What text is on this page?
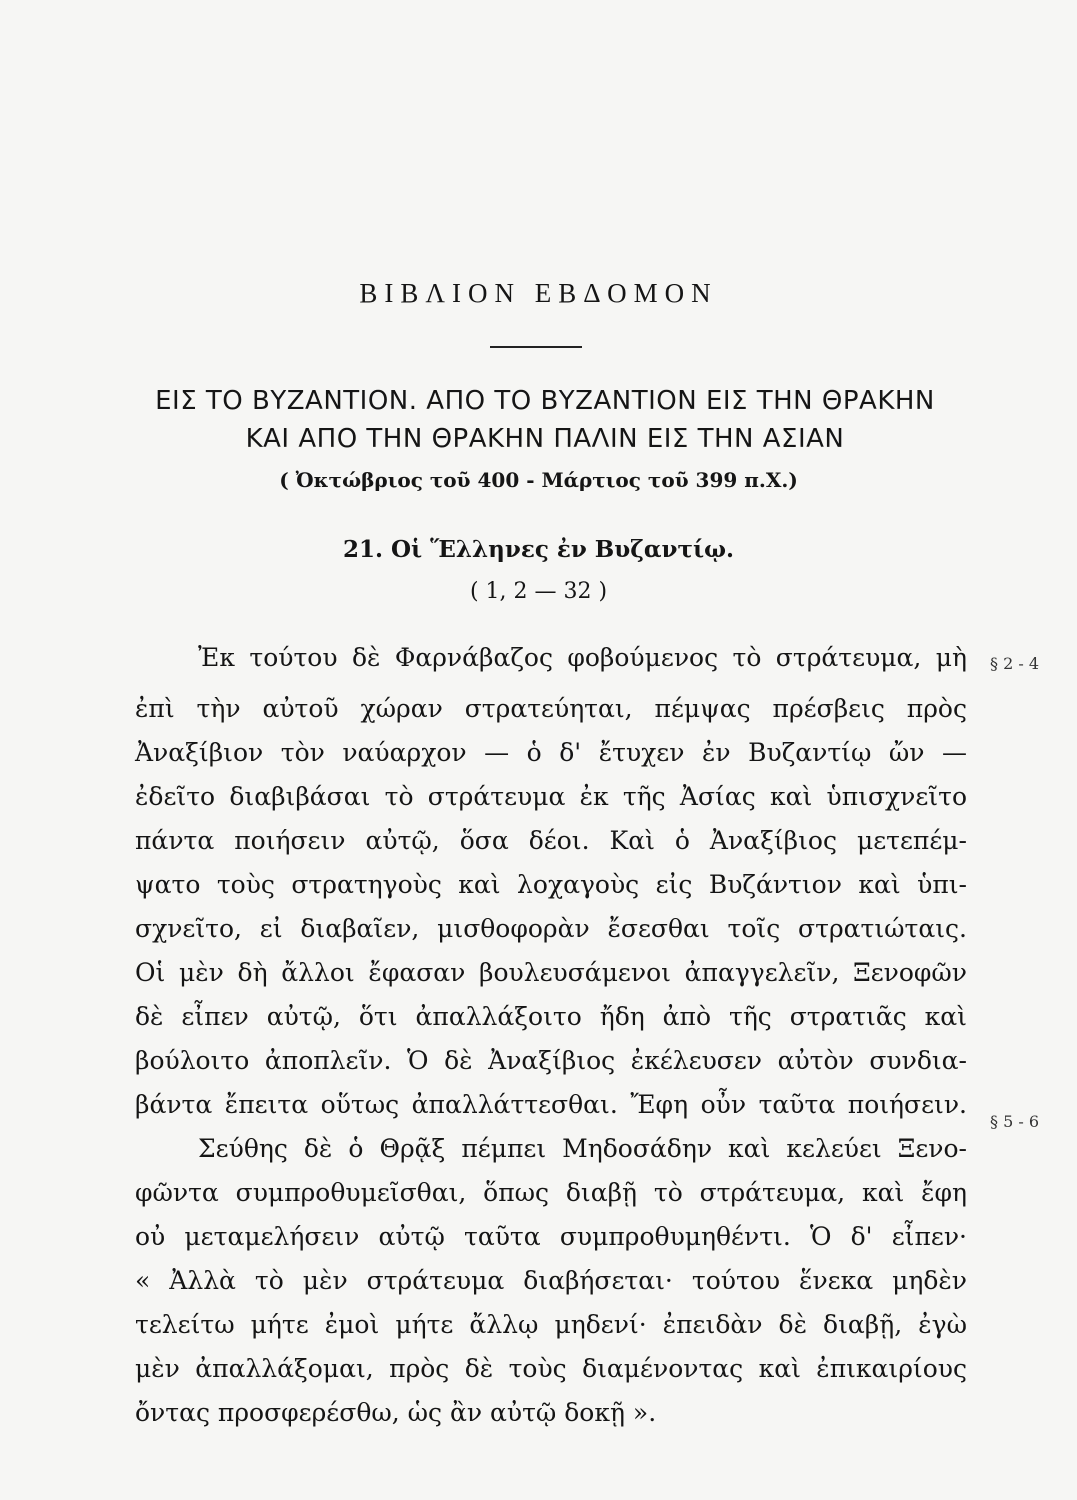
ΒΙΒΛΙΟΝ ΕΒΔΟΜΟΝ
ΕΙΣ ΤΟ ΒΥΖΑΝΤΙΟΝ. ΑΠΟ ΤΟ ΒΥΖΑΝΤΙΟΝ ΕΙΣ ΤΗΝ ΘΡΑΚΗΝ
ΚΑΙ ΑΠΟ ΤΗΝ ΘΡΑΚΗΝ ΠΑΛΙΝ ΕΙΣ ΤΗΝ ΑΣΙΑΝ
( Ὀκτώβριος τοῦ 400 - Μάρτιος τοῦ 399 π.Χ.)
21. Οἱ Ἕλληνες ἐν Βυζαντίῳ.
( 1, 2 — 32 )
§ 2 - 4
§ 5 - 6
Ἐκ τούτου δὲ Φαρνάβαζος φοβούμενος τὸ στράτευμα, μὴ
ἐπὶ τὴν αὐτοῦ χώραν στρατεύηται, πέμψας πρέσβεις πρὸς
Ἀναξίβιον τὸν ναύαρχον — ὁ δ' ἔτυχεν ἐν Βυζαντίῳ ὤν —
ἐδεῖτο διαβιβάσαι τὸ στράτευμα ἐκ τῆς Ἀσίας καὶ ὑπισχνεῖτο
πάντα ποιήσειν αὐτῷ, ὅσα δέοι. Καὶ ὁ Ἀναξίβιος μετεπέμ-
ψατο τοὺς στρατηγοὺς καὶ λοχαγοὺς εἰς Βυζάντιον καὶ ὑπι-
σχνεῖτο, εἰ διαβαῖεν, μισθοφορὰν ἔσεσθαι τοῖς στρατιώταις.
Οἱ μὲν δὴ ἄλλοι ἔφασαν βουλευσάμενοι ἀπαγγελεῖν, Ξενοφῶν
δὲ εἶπεν αὐτῷ, ὅτι ἀπαλλάξοιτο ἤδη ἀπὸ τῆς στρατιᾶς καὶ
βούλοιτο ἀποπλεῖν. Ὁ δὲ Ἀναξίβιος ἐκέλευσεν αὐτὸν συνδια-
βάντα ἔπειτα οὕτως ἀπαλλάττεσθαι. Ἔφη οὖν ταῦτα ποιήσειν.
Σεύθης δὲ ὁ Θρᾷξ πέμπει Μηδοσάδην καὶ κελεύει Ξενο-
φῶντα συμπροθυμεῖσθαι, ὅπως διαβῇ τὸ στράτευμα, καὶ ἔφη
οὐ μεταμελήσειν αὐτῷ ταῦτα συμπροθυμηθέντι. Ὁ δ' εἶπεν·
« Ἀλλὰ τὸ μὲν στράτευμα διαβήσεται· τούτου ἕνεκα μηδὲν
τελείτω μήτε ἐμοὶ μήτε ἄλλῳ μηδενί· ἐπειδὰν δὲ διαβῇ, ἐγὼ
μὲν ἀπαλλάξομαι, πρὸς δὲ τοὺς διαμένοντας καὶ ἐπικαιρίους
ὄντας προσφερέσθω, ὡς ἂν αὐτῷ δοκῇ ».
